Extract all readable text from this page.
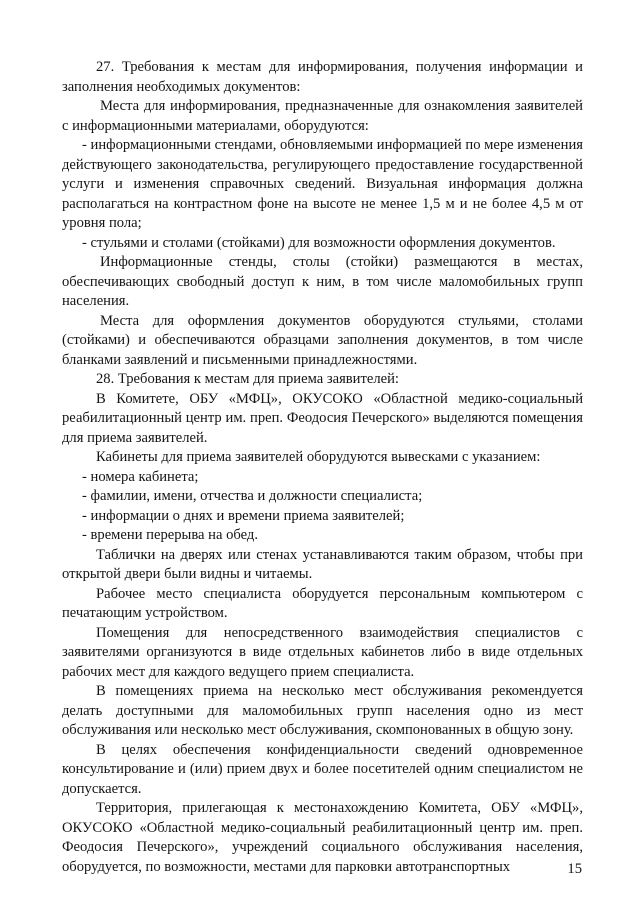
27. Требования к местам для информирования, получения информации и заполнения необходимых документов:

Места для информирования, предназначенные для ознакомления заявителей с информационными материалами, оборудуются:

- информационными стендами, обновляемыми информацией по мере изменения действующего законодательства, регулирующего предоставление государственной услуги и изменения справочных сведений. Визуальная информация должна располагаться на контрастном фоне на высоте не менее 1,5 м и не более 4,5 м от уровня пола;

- стульями и столами (стойками) для возможности оформления документов.

Информационные стенды, столы (стойки) размещаются в местах, обеспечивающих свободный доступ к ним, в том числе маломобильных групп населения.

Места для оформления документов оборудуются стульями, столами (стойками) и обеспечиваются образцами заполнения документов, в том числе бланками заявлений и письменными принадлежностями.

28. Требования к местам для приема заявителей:

В Комитете, ОБУ «МФЦ», ОКУСОКО «Областной медико-социальный реабилитационный центр им. преп. Феодосия Печерского» выделяются помещения для приема заявителей.

Кабинеты для приема заявителей оборудуются вывесками с указанием:

- номера кабинета;

- фамилии, имени, отчества и должности специалиста;

- информации о днях и времени приема заявителей;

- времени перерыва на обед.

Таблички на дверях или стенах устанавливаются таким образом, чтобы при открытой двери были видны и читаемы.

Рабочее место специалиста оборудуется персональным компьютером с печатающим устройством.

Помещения для непосредственного взаимодействия специалистов с заявителями организуются в виде отдельных кабинетов либо в виде отдельных рабочих мест для каждого ведущего прием специалиста.

В помещениях приема на несколько мест обслуживания рекомендуется делать доступными для маломобильных групп населения одно из мест обслуживания или несколько мест обслуживания, скомпонованных в общую зону.

В целях обеспечения конфиденциальности сведений одновременное консультирование и (или) прием двух и более посетителей одним специалистом не допускается.

Территория, прилегающая к местонахождению Комитета, ОБУ «МФЦ», ОКУСОКО «Областной медико-социальный реабилитационный центр им. преп. Феодосия Печерского», учреждений социального обслуживания населения, оборудуется, по возможности, местами для парковки автотранспортных	15
